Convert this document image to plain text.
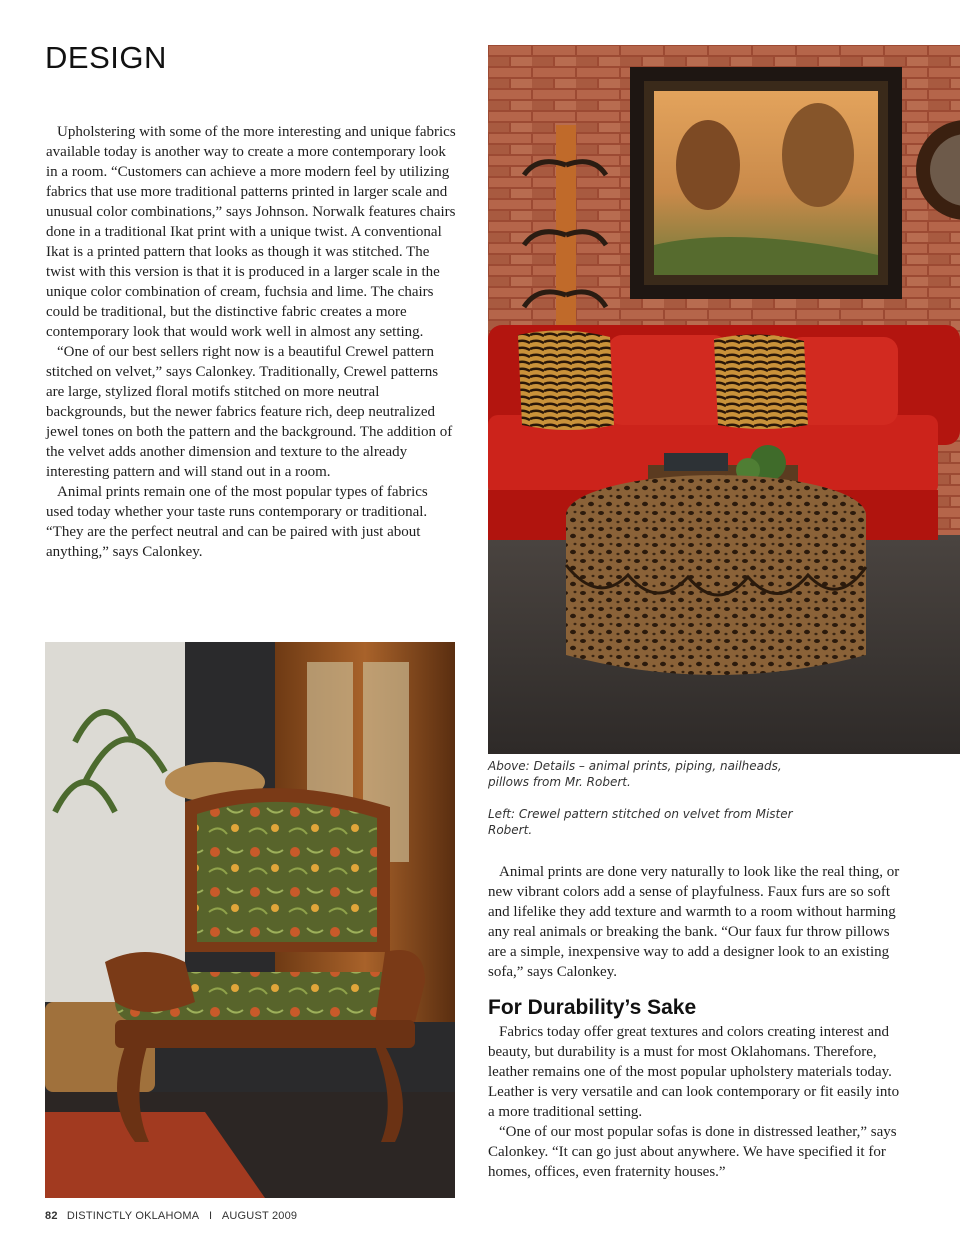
DESIGN

Upholstering with some of the more interesting and unique fabrics available today is another way to create a more contemporary look in a room. “Customers can achieve a more modern feel by utilizing fabrics that use more traditional patterns printed in larger scale and unusual color combinations,” says Johnson. Norwalk features chairs done in a traditional Ikat print with a unique twist. A conventional Ikat is a printed pattern that looks as though it was stitched. The twist with this version is that it is produced in a larger scale in the unique color combination of cream, fuchsia and lime. The chairs could be traditional, but the distinctive fabric creates a more contemporary look that would work well in almost any setting.

“One of our best sellers right now is a beautiful Crewel pattern stitched on velvet,” says Calonkey. Traditionally, Crewel patterns are large, stylized floral motifs stitched on more neutral backgrounds, but the newer fabrics feature rich, deep neutralized jewel tones on both the pattern and the background. The addition of the velvet adds another dimension and texture to the already interesting pattern and will stand out in a room.

Animal prints remain one of the most popular types of fabrics used today whether your taste runs contemporary or traditional. “They are the perfect neutral and can be paired with just about anything,” says Calonkey.

Above: Details – animal prints, piping, nailheads, pillows from Mr. Robert.

Left: Crewel pattern stitched on velvet from Mister Robert.

Animal prints are done very naturally to look like the real thing, or new vibrant colors add a sense of playfulness. Faux furs are so soft and lifelike they add texture and warmth to a room without harming any real animals or breaking the bank. “Our faux fur throw pillows are a simple, inexpensive way to add a designer look to an existing sofa,” says Calonkey.

For Durability’s Sake

Fabrics today offer great textures and colors creating interest and beauty, but durability is a must for most Oklahomans. Therefore, leather remains one of the most popular upholstery materials today. Leather is very versatile and can look contemporary or fit easily into a more traditional setting.

“One of our most popular sofas is done in distressed leather,” says Calonkey. “It can go just about anywhere. We have specified it for homes, offices, even fraternity houses.”

82 DISTINCTLY OKLAHOMA I AUGUST 2009
